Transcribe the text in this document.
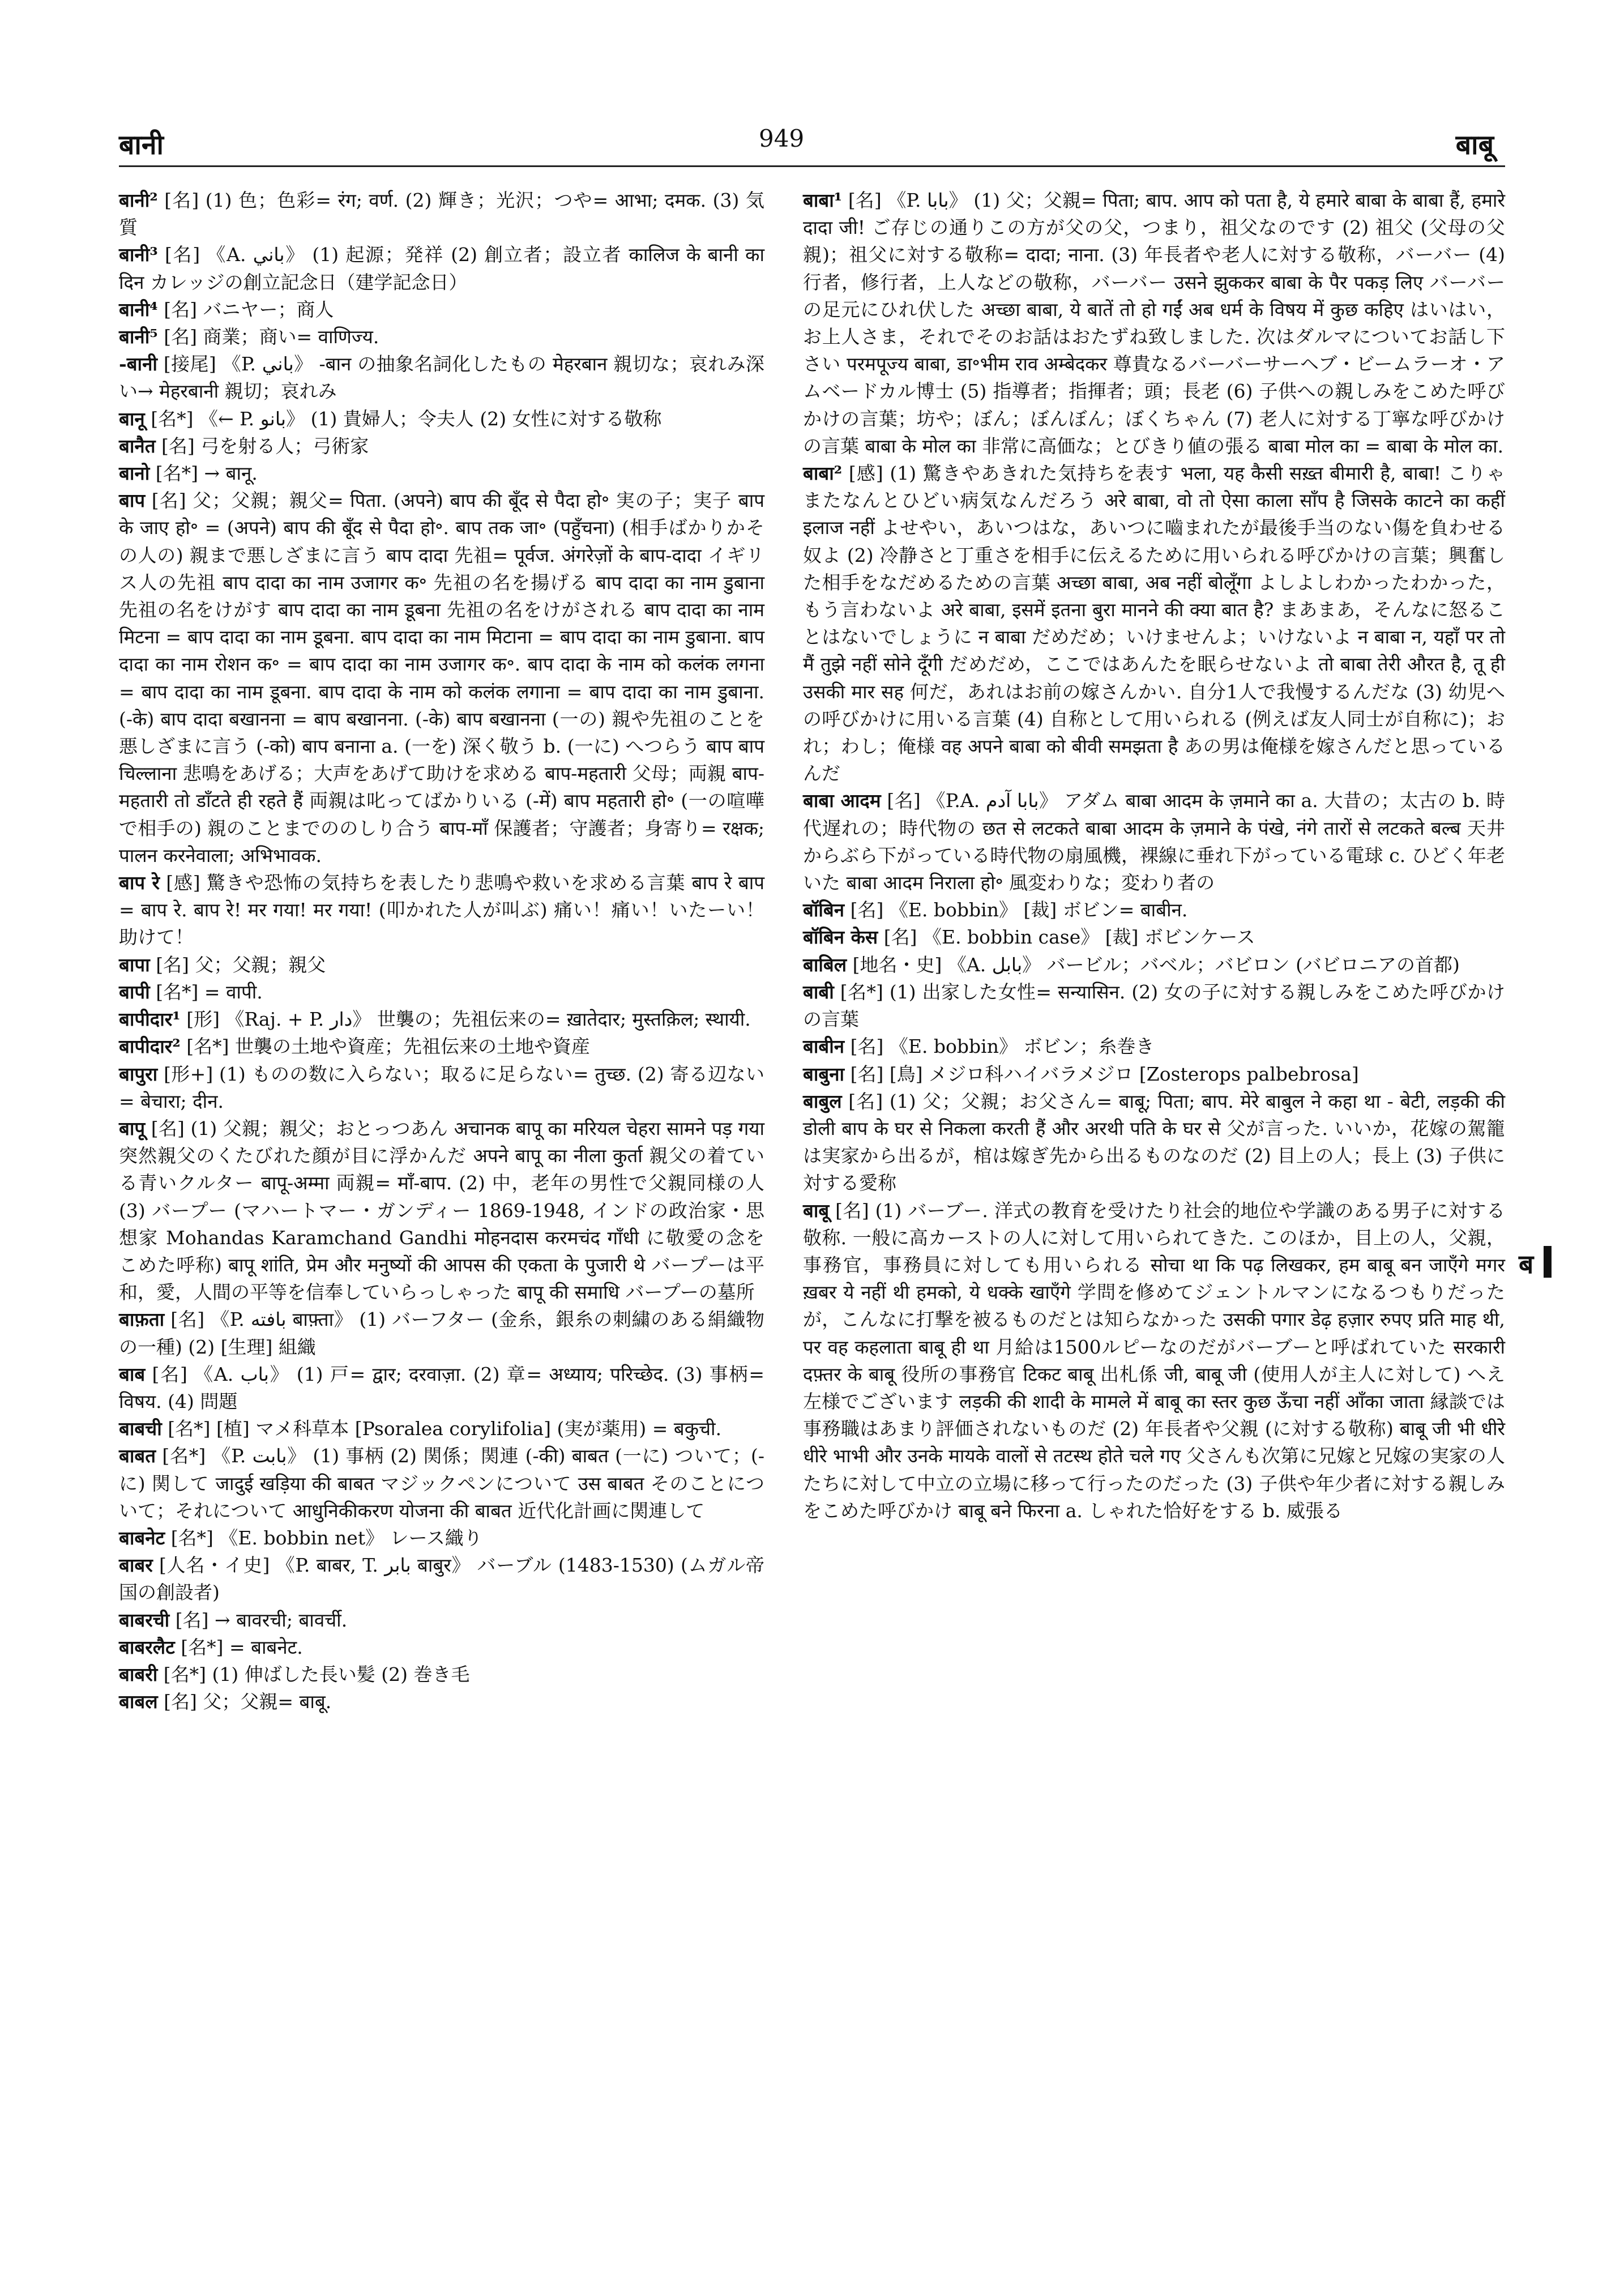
बानी	949	बाबू

बानी² [名] (1) 色；色彩= रंग; वर्ण. (2) 輝き；光沢；つや= आभा; दमक. (3) 気質

बानी³ [名] 《A. باني》 (1) 起源；発祥 (2) 創立者；設立者 कालिज के बानी का दिन カレッジの創立記念日（建学記念日）

बानी⁴ [名] バニヤー；商人

बानी⁵ [名] 商業；商い= वाणिज्य.

-बानी [接尾] 《P. باني》 -बान の抽象名詞化したもの मेहरबान 親切な；哀れみ深い→ मेहरबानी 親切；哀れみ

बानू [名*] 《← P. بانو》 (1) 貴婦人；令夫人 (2) 女性に対する敬称

बानैत [名] 弓を射る人；弓術家

बानो [名*] → बानू.

बाप [名] 父；父親；親父= पिता. (अपने) बाप की बूँद से पैदा हो॰ 実の子；実子 बाप के जाए हो॰ = (अपने) बाप की बूँद से पैदा हो॰. बाप तक जा॰ (पहुँचना) (相手ばかりかその人の) 親まで悪しざまに言う बाप दादा 先祖= पूर्वज. अंगरेज़ों के बाप-दादा イギリス人の先祖 बाप दादा का नाम उजागर क॰ 先祖の名を揚げる बाप दादा का नाम डुबाना 先祖の名をけがす बाप दादा का नाम डूबना 先祖の名をけがされる बाप दादा का नाम मिटना = बाप दादा का नाम डूबना. बाप दादा का नाम मिटाना = बाप दादा का नाम डुबाना. बाप दादा का नाम रोशन क॰ = बाप दादा का नाम उजागर क॰. बाप दादा के नाम को कलंक लगना = बाप दादा का नाम डूबना. बाप दादा के नाम को कलंक लगाना = बाप दादा का नाम डुबाना. (-के) बाप दादा बखानना = बाप बखानना. (-के) बाप बखानना (一の) 親や先祖のことを悪しざまに言う (-को) बाप बनाना a. (一を) 深く敬う b. (一に) へつらう बाप बाप चिल्लाना 悲鳴をあげる；大声をあげて助けを求める बाप-महतारी 父母；両親 बाप-महतारी तो डाँटते ही रहते हैं 両親は叱ってばかりいる (-में) बाप महतारी हो॰ (一の喧嘩で相手の) 親のことまでののしり合う बाप-माँ 保護者；守護者；身寄り= रक्षक; पालन करनेवाला; अभिभावक.

बाप रे [感] 驚きや恐怖の気持ちを表したり悲鳴や救いを求める言葉 बाप रे बाप = बाप रे. बाप रे! मर गया! मर गया! (叩かれた人が叫ぶ) 痛い！痛い！いたーい！助けて！

बापा [名] 父；父親；親父

बापी [名*] = वापी.

बापीदार¹ [形] 《Raj. + P. دار》 世襲の；先祖伝来の= ख़ातेदार; मुस्तक़िल; स्थायी.

बापीदार² [名*] 世襲の土地や資産；先祖伝来の土地や資産

बापुरा [形+] (1) ものの数に入らない；取るに足らない= तुच्छ. (2) 寄る辺ない= बेचारा; दीन.

बापू [名] (1) 父親；親父；おとっつあん अचानक बापू का मरियल चेहरा सामने पड़ गया 突然親父のくたびれた顔が目に浮かんだ अपने बापू का नीला कुर्ता 親父の着ている青いクルター बापू-अम्मा 両親= माँ-बाप. (2) 中，老年の男性で父親同様の人 (3) バープー (マハートマー・ガンディー 1869-1948, インドの政治家・思想家 Mohandas Karamchand Gandhi मोहनदास करमचंद गाँधी に敬愛の念をこめた呼称) बापू शांति, प्रेम और मनुष्यों की आपस की एकता के पुजारी थे バープーは平和，愛，人間の平等を信奉していらっしゃった बापू की समाधि バープーの墓所

बाफ़ता [名] 《P. بافته बाफ़्ता》 (1) バーフター (金糸，銀糸の刺繍のある絹織物の一種) (2) [生理] 組織

बाब [名] 《A. باب》 (1) 戸= द्वार; दरवाज़ा. (2) 章= अध्याय; परिच्छेद. (3) 事柄= विषय. (4) 問題

बाबची [名*] [植] マメ科草本 [Psoralea corylifolia] (実が薬用) = बकुची.

बाबत [名*] 《P. بابت》 (1) 事柄 (2) 関係；関連 (-की) बाबत (一に) ついて；(-に) 関して जादुई खड़िया की बाबत マジックペンについて उस बाबत そのことについて；それについて आधुनिकीकरण योजना की बाबत 近代化計画に関連して

बाबनेट [名*] 《E. bobbin net》 レース織り

बाबर [人名・イ史] 《P. बाबर, T. بابر बाबुर》 バーブル (1483-1530) (ムガル帝国の創設者)

बाबरची [名] → बावरची; बावर्ची.

बाबरलैट [名*] = बाबनेट.

बाबरी [名*] (1) 伸ばした長い髪 (2) 巻き毛

बाबल [名] 父；父親= बाबू.

बाबा¹ [名] 《P. بابا》 (1) 父；父親= पिता; बाप. आप को पता है, ये हमारे बाबा के बाबा हैं, हमारे दादा जी! ご存じの通りこの方が父の父，つまり，祖父なのです (2) 祖父 (父母の父親)；祖父に対する敬称= दादा; नाना. (3) 年長者や老人に対する敬称，バーバー (4) 行者，修行者，上人などの敬称，バーバー उसने झुककर बाबा के पैर पकड़ लिए バーバーの足元にひれ伏した अच्छा बाबा, ये बातें तो हो गईं अब धर्म के विषय में कुछ कहिए はいはい，お上人さま，それでそのお話はおたずね致しました. 次はダルマについてお話し下さい परमपूज्य बाबा, डा॰भीम राव अम्बेदकर 尊貴なるバーバーサーヘブ・ビームラーオ・アムベードカル博士 (5) 指導者；指揮者；頭；長老 (6) 子供への親しみをこめた呼びかけの言葉；坊や；ぼん；ぼんぼん；ぼくちゃん (7) 老人に対する丁寧な呼びかけの言葉 बाबा के मोल का 非常に高価な；とびきり値の張る बाबा मोल का = बाबा के मोल का.

बाबा² [感] (1) 驚きやあきれた気持ちを表す भला, यह कैसी सख़्त बीमारी है, बाबा! こりゃまたなんとひどい病気なんだろう अरे बाबा, वो तो ऐसा काला साँप है जिसके काटने का कहीं इलाज नहीं よせやい，あいつはな，あいつに嚙まれたが最後手当のない傷を負わせる奴よ (2) 冷静さと丁重さを相手に伝えるために用いられる呼びかけの言葉；興奮した相手をなだめるための言葉 अच्छा बाबा, अब नहीं बोलूँगा よしよしわかったわかった，もう言わないよ अरे बाबा, इसमें इतना बुरा मानने की क्या बात है? まあまあ，そんなに怒ることはないでしょうに न बाबा だめだめ；いけませんよ；いけないよ न बाबा न, यहाँ पर तो मैं तुझे नहीं सोने दूँगी だめだめ，ここではあんたを眠らせないよ तो बाबा तेरी औरत है, तू ही उसकी मार सह 何だ，あれはお前の嫁さんかい. 自分1人で我慢するんだな (3) 幼児への呼びかけに用いる言葉 (4) 自称として用いられる (例えば友人同士が自称に)；おれ；わし；俺様 वह अपने बाबा को बीवी समझता है あの男は俺様を嫁さんだと思っているんだ

बाबा आदम [名] 《P.A. بابا آدم》 アダム बाबा आदम के ज़माने का a. 大昔の；太古の b. 時代遅れの；時代物の छत से लटकते बाबा आदम के ज़माने के पंखे, नंगे तारों से लटकते बल्ब 天井からぶら下がっている時代物の扇風機，裸線に垂れ下がっている電球 c. ひどく年老いた बाबा आदम निराला हो॰ 風変わりな；変わり者の

बॉबिन [名] 《E. bobbin》 [裁] ボビン= बाबीन.

बॉबिन केस [名] 《E. bobbin case》 [裁] ボビンケース

बाबिल [地名・史] 《A. بابل》 バービル；バベル；バビロン (バビロニアの首都)

बाबी [名*] (1) 出家した女性= सन्यासिन. (2) 女の子に対する親しみをこめた呼びかけの言葉

बाबीन [名] 《E. bobbin》 ボビン；糸巻き

बाबुना [名] [鳥] メジロ科ハイバラメジロ [Zosterops palbebrosa]

बाबुल [名] (1) 父；父親；お父さん= बाबू; पिता; बाप. मेरे बाबुल ने कहा था - बेटी, लड़की की डोली बाप के घर से निकला करती हैं और अरथी पति के घर से 父が言った. いいか，花嫁の駕籠は実家から出るが，棺は嫁ぎ先から出るものなのだ (2) 目上の人；長上 (3) 子供に対する愛称

बाबू [名] (1) バーブー. 洋式の教育を受けたり社会的地位や学識のある男子に対する敬称. 一般に高カーストの人に対して用いられてきた. このほか，目上の人，父親，事務官，事務員に対しても用いられる सोचा था कि पढ़ लिखकर, हम बाबू बन जाएँगे मगर ख़बर ये नहीं थी हमको, ये धक्के खाएँगे 学問を修めてジェントルマンになるつもりだったが，こんなに打撃を被るものだとは知らなかった उसकी पगार डेढ़ हज़ार रुपए प्रति माह थी, पर वह कहलाता बाबू ही था 月給は1500ルピーなのだがバーブーと呼ばれていた सरकारी दफ़्तर के बाबू 役所の事務官 टिकट बाबू 出札係 जी, बाबू जी (使用人が主人に対して) へえ左様でございます लड़की की शादी के मामले में बाबू का स्तर कुछ ऊँचा नहीं आँका जाता 縁談では事務職はあまり評価されないものだ (2) 年長者や父親 (に対する敬称) बाबू जी भी धीरे धीरे भाभी और उनके मायके वालों से तटस्थ होते चले गए 父さんも次第に兄嫁と兄嫁の実家の人たちに対して中立の立場に移って行ったのだった (3) 子供や年少者に対する親しみをこめた呼びかけ बाबू बने फिरना a. しゃれた恰好をする b. 威張る

ब
